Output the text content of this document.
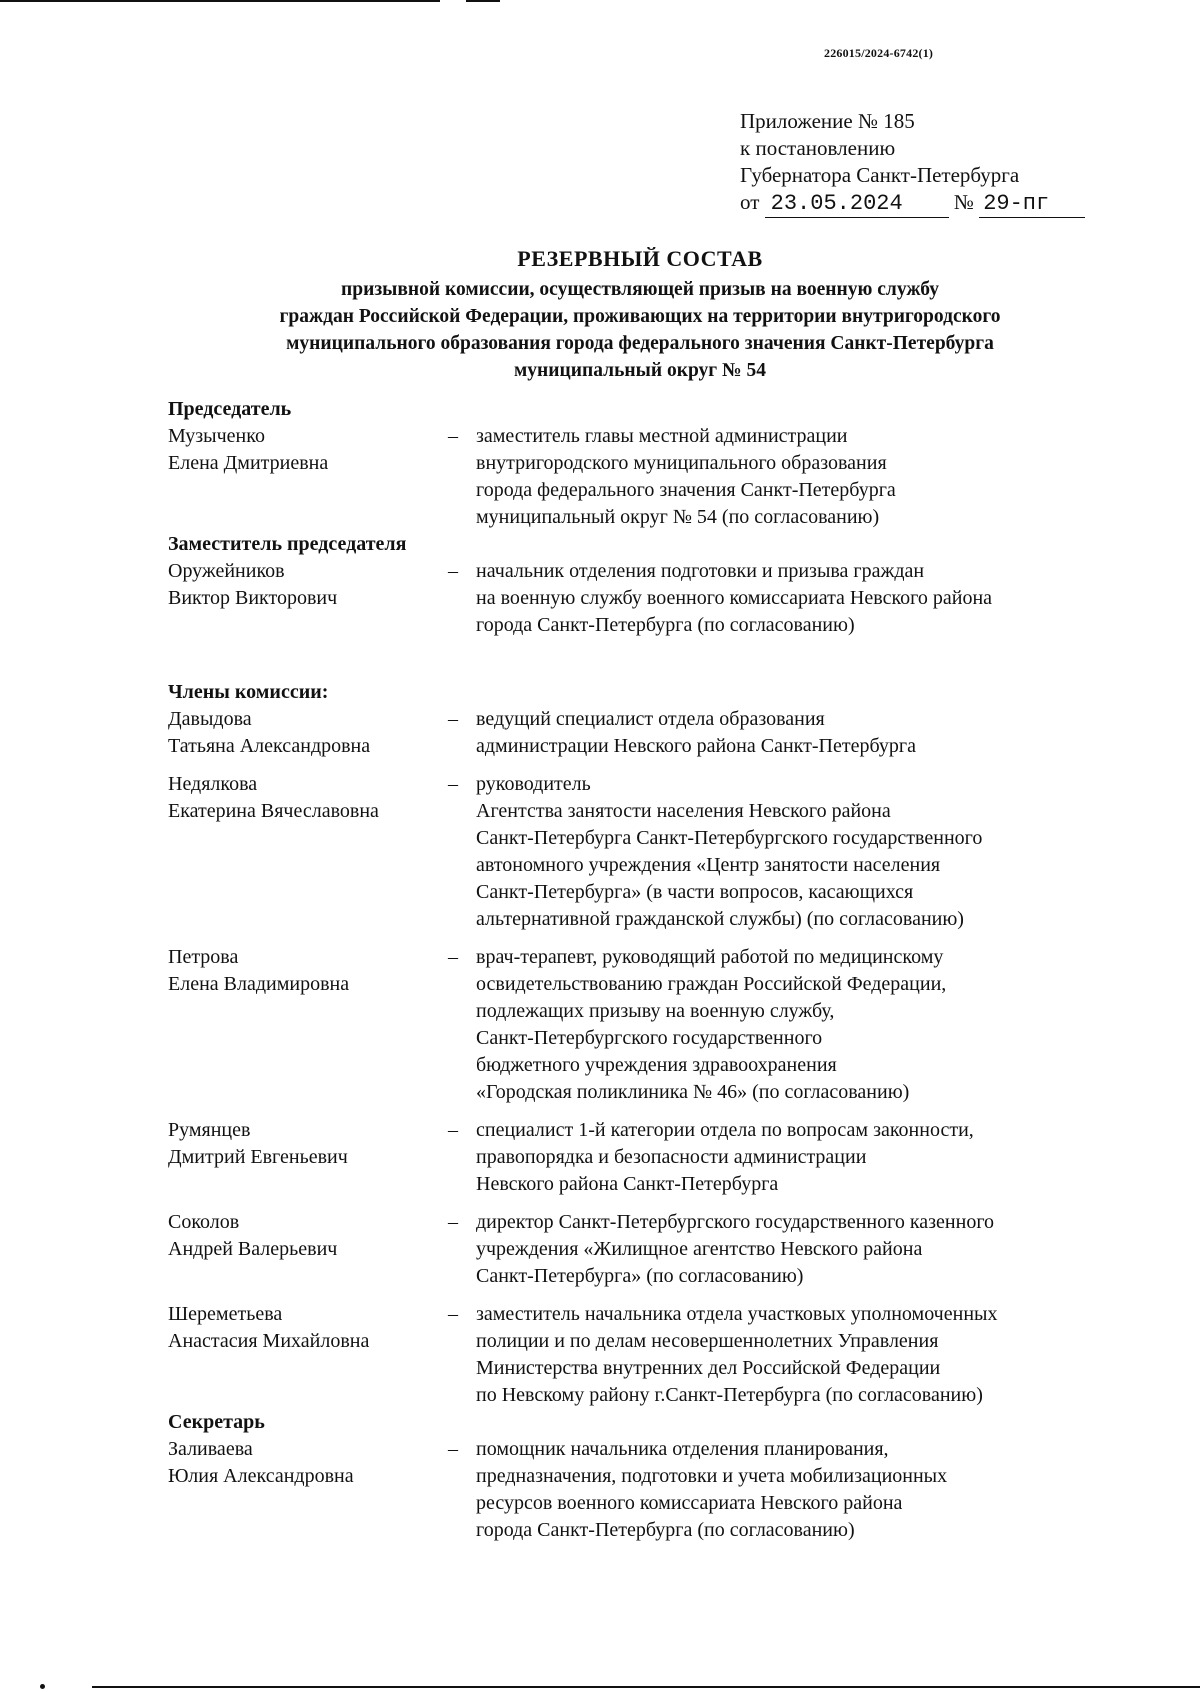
226015/2024-6742(1)
Приложение № 185
к постановлению
Губернатора Санкт-Петербурга
от 23.05.2024 № 29-пг
РЕЗЕРВНЫЙ СОСТАВ
призывной комиссии, осуществляющей призыв на военную службу
граждан Российской Федерации, проживающих на территории внутригородского
муниципального образования города федерального значения Санкт-Петербурга
муниципальный округ № 54
Председатель
Музыченко
Елена Дмитриевна
– заместитель главы местной администрации
внутригородского муниципального образования
города федерального значения Санкт-Петербурга
муниципальный округ № 54 (по согласованию)
Заместитель председателя
Оружейников
Виктор Викторович
– начальник отделения подготовки и призыва граждан
на военную службу военного комиссариата Невского района
города Санкт-Петербурга (по согласованию)
Члены комиссии:
Давыдова
Татьяна Александровна
– ведущий специалист отдела образования
администрации Невского района Санкт-Петербурга
Недялкова
Екатерина Вячеславовна
– руководитель
Агентства занятости населения Невского района
Санкт-Петербурга Санкт-Петербургского государственного
автономного учреждения «Центр занятости населения
Санкт-Петербурга» (в части вопросов, касающихся
альтернативной гражданской службы) (по согласованию)
Петрова
Елена Владимировна
– врач-терапевт, руководящий работой по медицинскому
освидетельствованию граждан Российской Федерации,
подлежащих призыву на военную службу,
Санкт-Петербургского государственного
бюджетного учреждения здравоохранения
«Городская поликлиника № 46» (по согласованию)
Румянцев
Дмитрий Евгеньевич
– специалист 1-й категории отдела по вопросам законности,
правопорядка и безопасности администрации
Невского района Санкт-Петербурга
Соколов
Андрей Валерьевич
– директор Санкт-Петербургского государственного казенного
учреждения «Жилищное агентство Невского района
Санкт-Петербурга» (по согласованию)
Шереметьева
Анастасия Михайловна
– заместитель начальника отдела участковых уполномоченных
полиции и по делам несовершеннолетних Управления
Министерства внутренних дел Российской Федерации
по Невскому району г.Санкт-Петербурга (по согласованию)
Секретарь
Заливаева
Юлия Александровна
– помощник начальника отделения планирования,
предназначения, подготовки и учета мобилизационных
ресурсов военного комиссариата Невского района
города Санкт-Петербурга (по согласованию)
